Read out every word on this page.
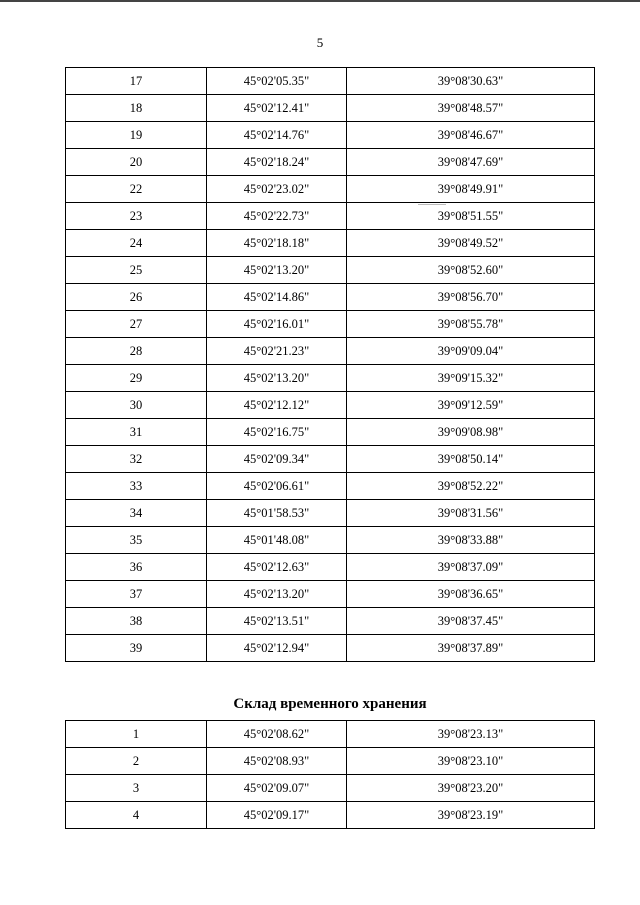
5
17	45°02'05.35"	39°08'30.63"
18	45°02'12.41"	39°08'48.57"
19	45°02'14.76"	39°08'46.67"
20	45°02'18.24"	39°08'47.69"
22	45°02'23.02"	39°08'49.91"
23	45°02'22.73"	39°08'51.55"
24	45°02'18.18"	39°08'49.52"
25	45°02'13.20"	39°08'52.60"
26	45°02'14.86"	39°08'56.70"
27	45°02'16.01"	39°08'55.78"
28	45°02'21.23"	39°09'09.04"
29	45°02'13.20"	39°09'15.32"
30	45°02'12.12"	39°09'12.59"
31	45°02'16.75"	39°09'08.98"
32	45°02'09.34"	39°08'50.14"
33	45°02'06.61"	39°08'52.22"
34	45°01'58.53"	39°08'31.56"
35	45°01'48.08"	39°08'33.88"
36	45°02'12.63"	39°08'37.09"
37	45°02'13.20"	39°08'36.65"
38	45°02'13.51"	39°08'37.45"
39	45°02'12.94"	39°08'37.89"
Склад временного хранения
1	45°02'08.62"	39°08'23.13"
2	45°02'08.93"	39°08'23.10"
3	45°02'09.07"	39°08'23.20"
4	45°02'09.17"	39°08'23.19"
